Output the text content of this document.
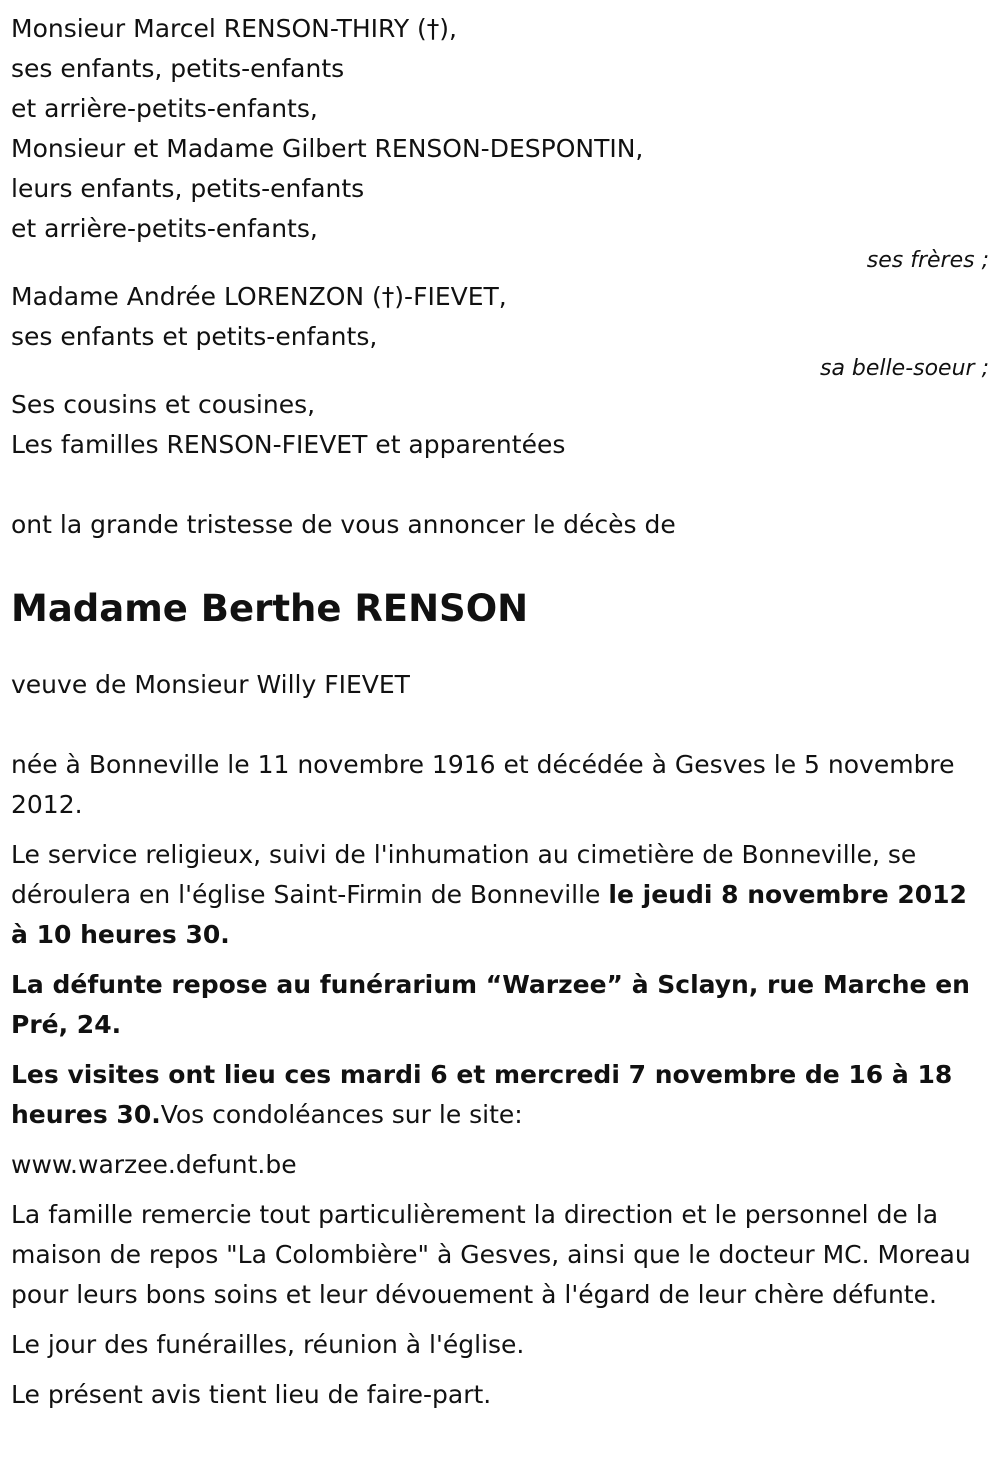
Monsieur Marcel RENSON-THIRY (†),

ses enfants, petits-enfants

et arrière-petits-enfants,

Monsieur et Madame Gilbert RENSON-DESPONTIN,

leurs enfants, petits-enfants

et arrière-petits-enfants,

ses frères ;

Madame Andrée LORENZON (†)-FIEVET,

ses enfants et petits-enfants,

sa belle-soeur ;

Ses cousins et cousines,

Les familles RENSON-FIEVET et apparentées

ont la grande tristesse de vous annoncer le décès de

Madame Berthe RENSON

veuve de Monsieur Willy FIEVET

née à Bonneville le 11 novembre 1916 et décédée à Gesves le 5 novembre 2012.

Le service religieux, suivi de l'inhumation au cimetière de Bonneville, se déroulera en l'église Saint-Firmin de Bonneville le jeudi 8 novembre 2012 à 10 heures 30.

La défunte repose au funérarium “Warzee” à Sclayn, rue Marche en Pré, 24.

Les visites ont lieu ces mardi 6 et mercredi 7 novembre de 16 à 18 heures 30.Vos condoléances sur le site:

www.warzee.defunt.be

La famille remercie tout particulièrement la direction et le personnel de la maison de repos "La Colombière" à Gesves, ainsi que le docteur MC. Moreau pour leurs bons soins et leur dévouement à l'égard de leur chère défunte.

Le jour des funérailles, réunion à l'église.

Le présent avis tient lieu de faire-part.
